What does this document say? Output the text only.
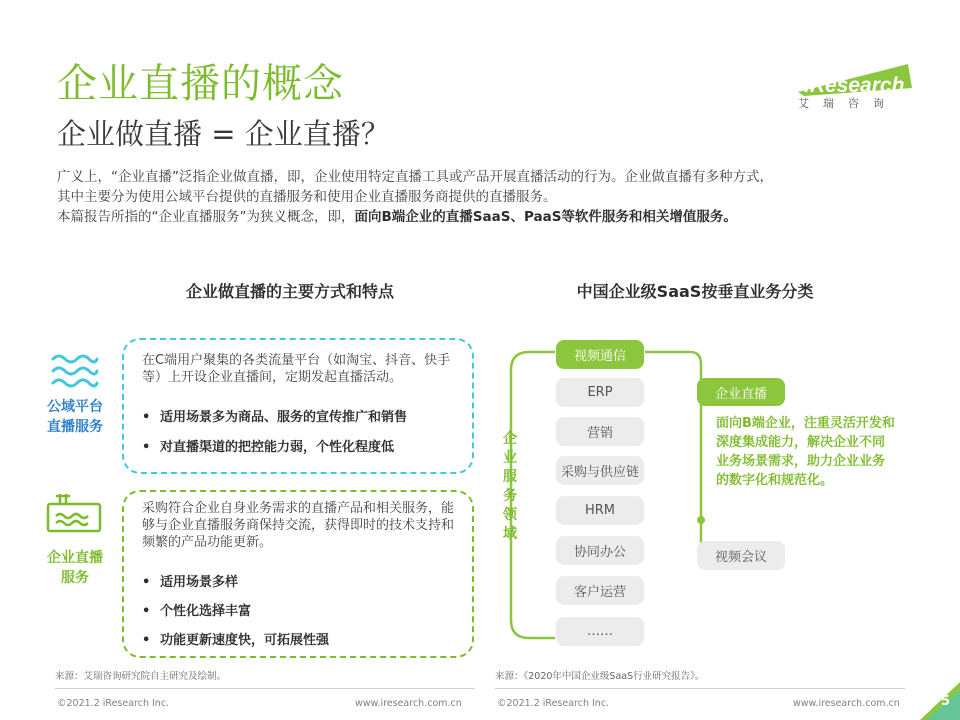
企业直播的概念
企业做直播 = 企业直播？
iResearch
艾瑞咨询

广义上，“企业直播”泛指企业做直播，即，企业使用特定直播工具或产品开展直播活动的行为。企业做直播有多种方式，

其中主要分为使用公域平台提供的直播服务和使用企业直播服务商提供的直播服务。

本篇报告所指的“企业直播服务”为狭义概念，即，面向B端企业的直播SaaS、PaaS等软件服务和相关增值服务。

企业做直播的主要方式和特点	中国企业级SaaS按垂直业务分类
公域平台
直播服务
在C端用户聚集的各类流量平台（如淘宝、抖音、快手等）上开设企业直播间，定期发起直播活动。
• 适用场景多为商品、服务的宣传推广和销售
• 对直播渠道的把控能力弱，个性化程度低
企业直播
服务
采购符合企业自身业务需求的直播产品和相关服务，能够与企业直播服务商保持交流，获得即时的技术支持和频繁的产品功能更新。
• 适用场景多样
• 个性化选择丰富
• 功能更新速度快，可拓展性强
视频通信
ERP
营销
采购与供应链
HRM
协同办公
客户运营
……
企
业
服
务
领
域
企业直播
面向B端企业，注重灵活开发和深度集成能力，解决企业不同业务场景需求，助力企业业务的数字化和规范化。
视频会议
来源：艾瑞咨询研究院自主研究及绘制。	来源：《2020年中国企业级SaaS行业研究报告》。
©2021.2 iResearch Inc.	www.iresearch.com.cn	©2021.2 iResearch Inc.	www.iresearch.com.cn	5
